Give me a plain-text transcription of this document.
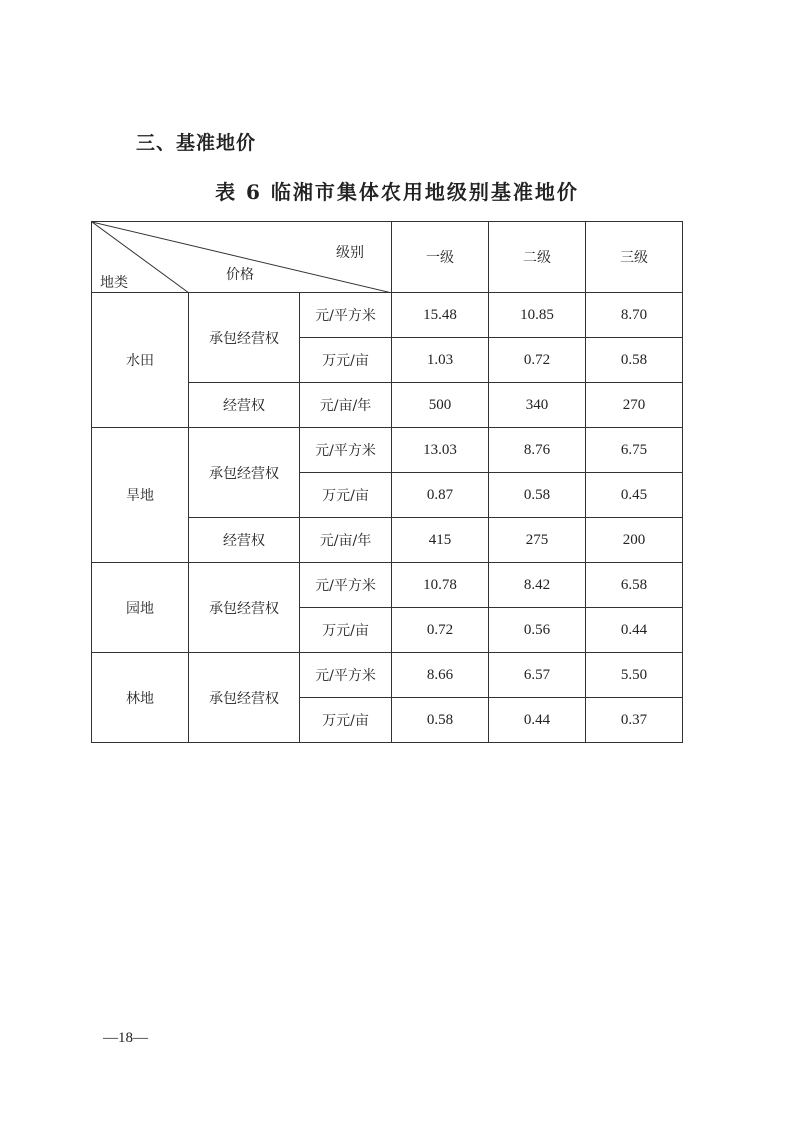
三、基准地价
表 6 临湘市集体农用地级别基准地价
级别
价格
地类			一级	二级	三级
水田	承包经营权	元/平方米	15.48	10.85	8.70
		万元/亩	1.03	0.72	0.58
	经营权	元/亩/年	500	340	270
旱地	承包经营权	元/平方米	13.03	8.76	6.75
		万元/亩	0.87	0.58	0.45
	经营权	元/亩/年	415	275	200
园地	承包经营权	元/平方米	10.78	8.42	6.58
		万元/亩	0.72	0.56	0.44
林地	承包经营权	元/平方米	8.66	6.57	5.50
		万元/亩	0.58	0.44	0.37
—18—
